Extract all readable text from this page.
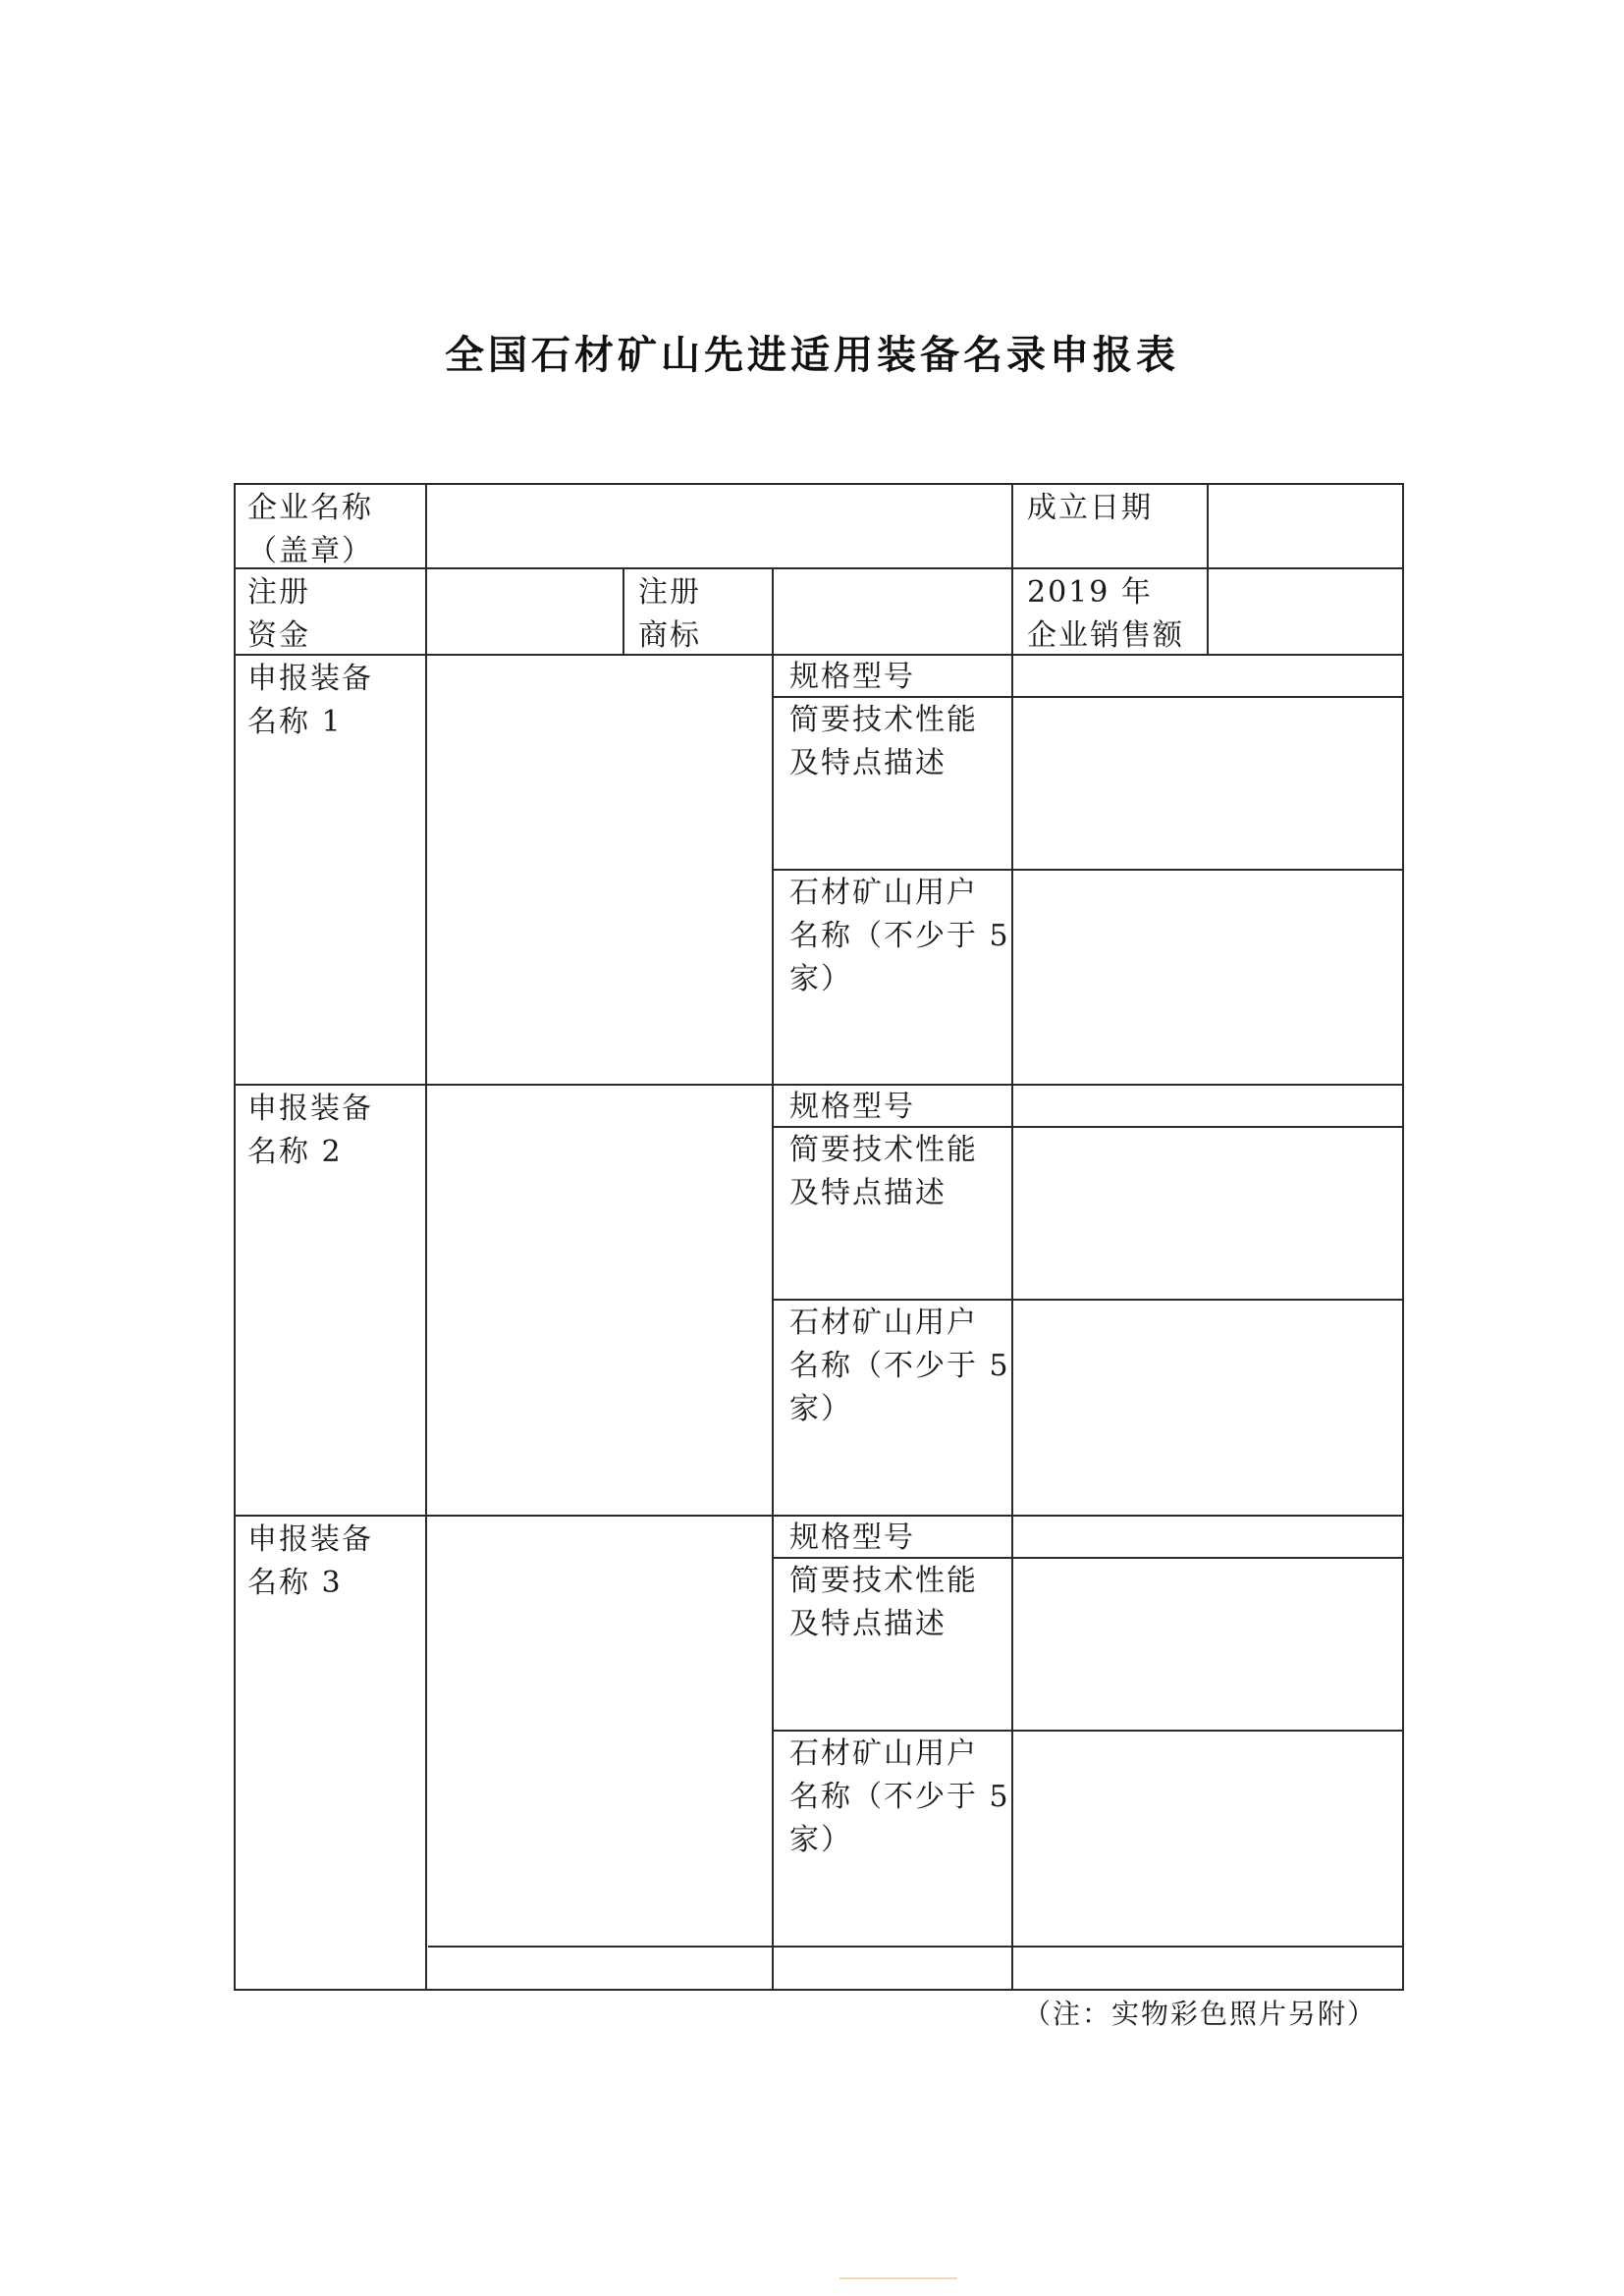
全国石材矿山先进适用装备名录申报表
企业名称
（盖章）
成立日期
注册
资金
注册
商标
2019 年
企业销售额
申报装备
名称 1
规格型号
简要技术性能
及特点描述
石材矿山用户
名称（不少于 5
家）
申报装备
名称 2
规格型号
简要技术性能
及特点描述
石材矿山用户
名称（不少于 5
家）
申报装备
名称 3
规格型号
简要技术性能
及特点描述
石材矿山用户
名称（不少于 5
家）
（注：实物彩色照片另附）
